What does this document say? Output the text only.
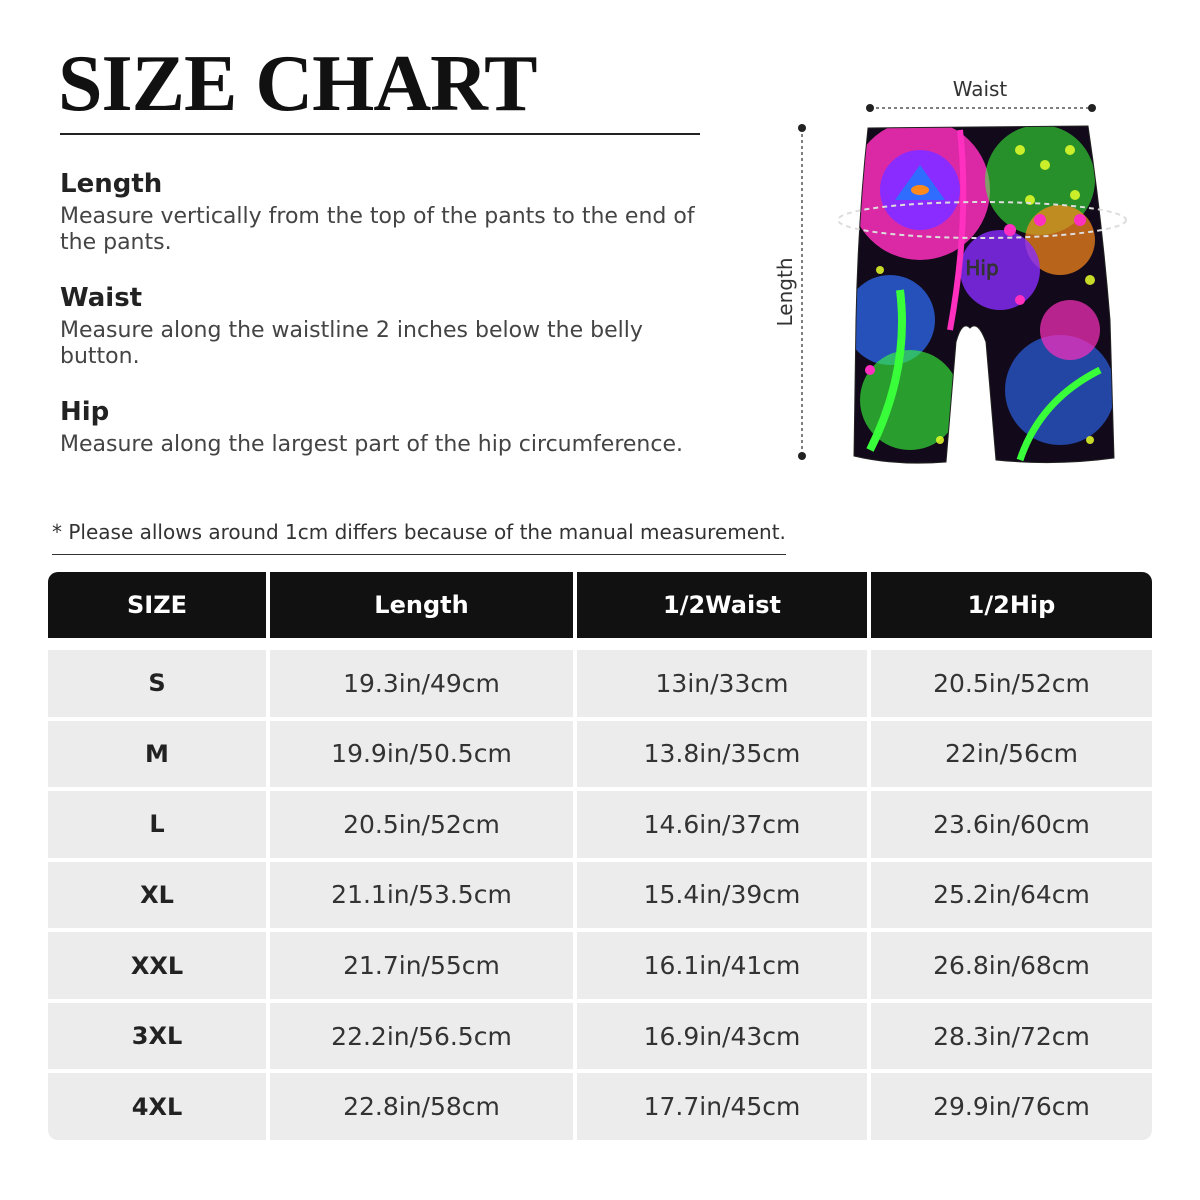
SIZE CHART
Length
Measure vertically from the top of the pants to the end of the pants.
Waist
Measure along the waistline 2 inches below the belly button.
Hip
Measure along the largest part of the hip circumference.
* Please allows around 1cm differs because of the manual measurement.
Waist
Length	Hip
SIZE	Length	1/2Waist	1/2Hip

S	19.3in/49cm	13in/33cm	20.5in/52cm
M	19.9in/50.5cm	13.8in/35cm	22in/56cm
L	20.5in/52cm	14.6in/37cm	23.6in/60cm
XL	21.1in/53.5cm	15.4in/39cm	25.2in/64cm
XXL	21.7in/55cm	16.1in/41cm	26.8in/68cm
3XL	22.2in/56.5cm	16.9in/43cm	28.3in/72cm
4XL	22.8in/58cm	17.7in/45cm	29.9in/76cm
